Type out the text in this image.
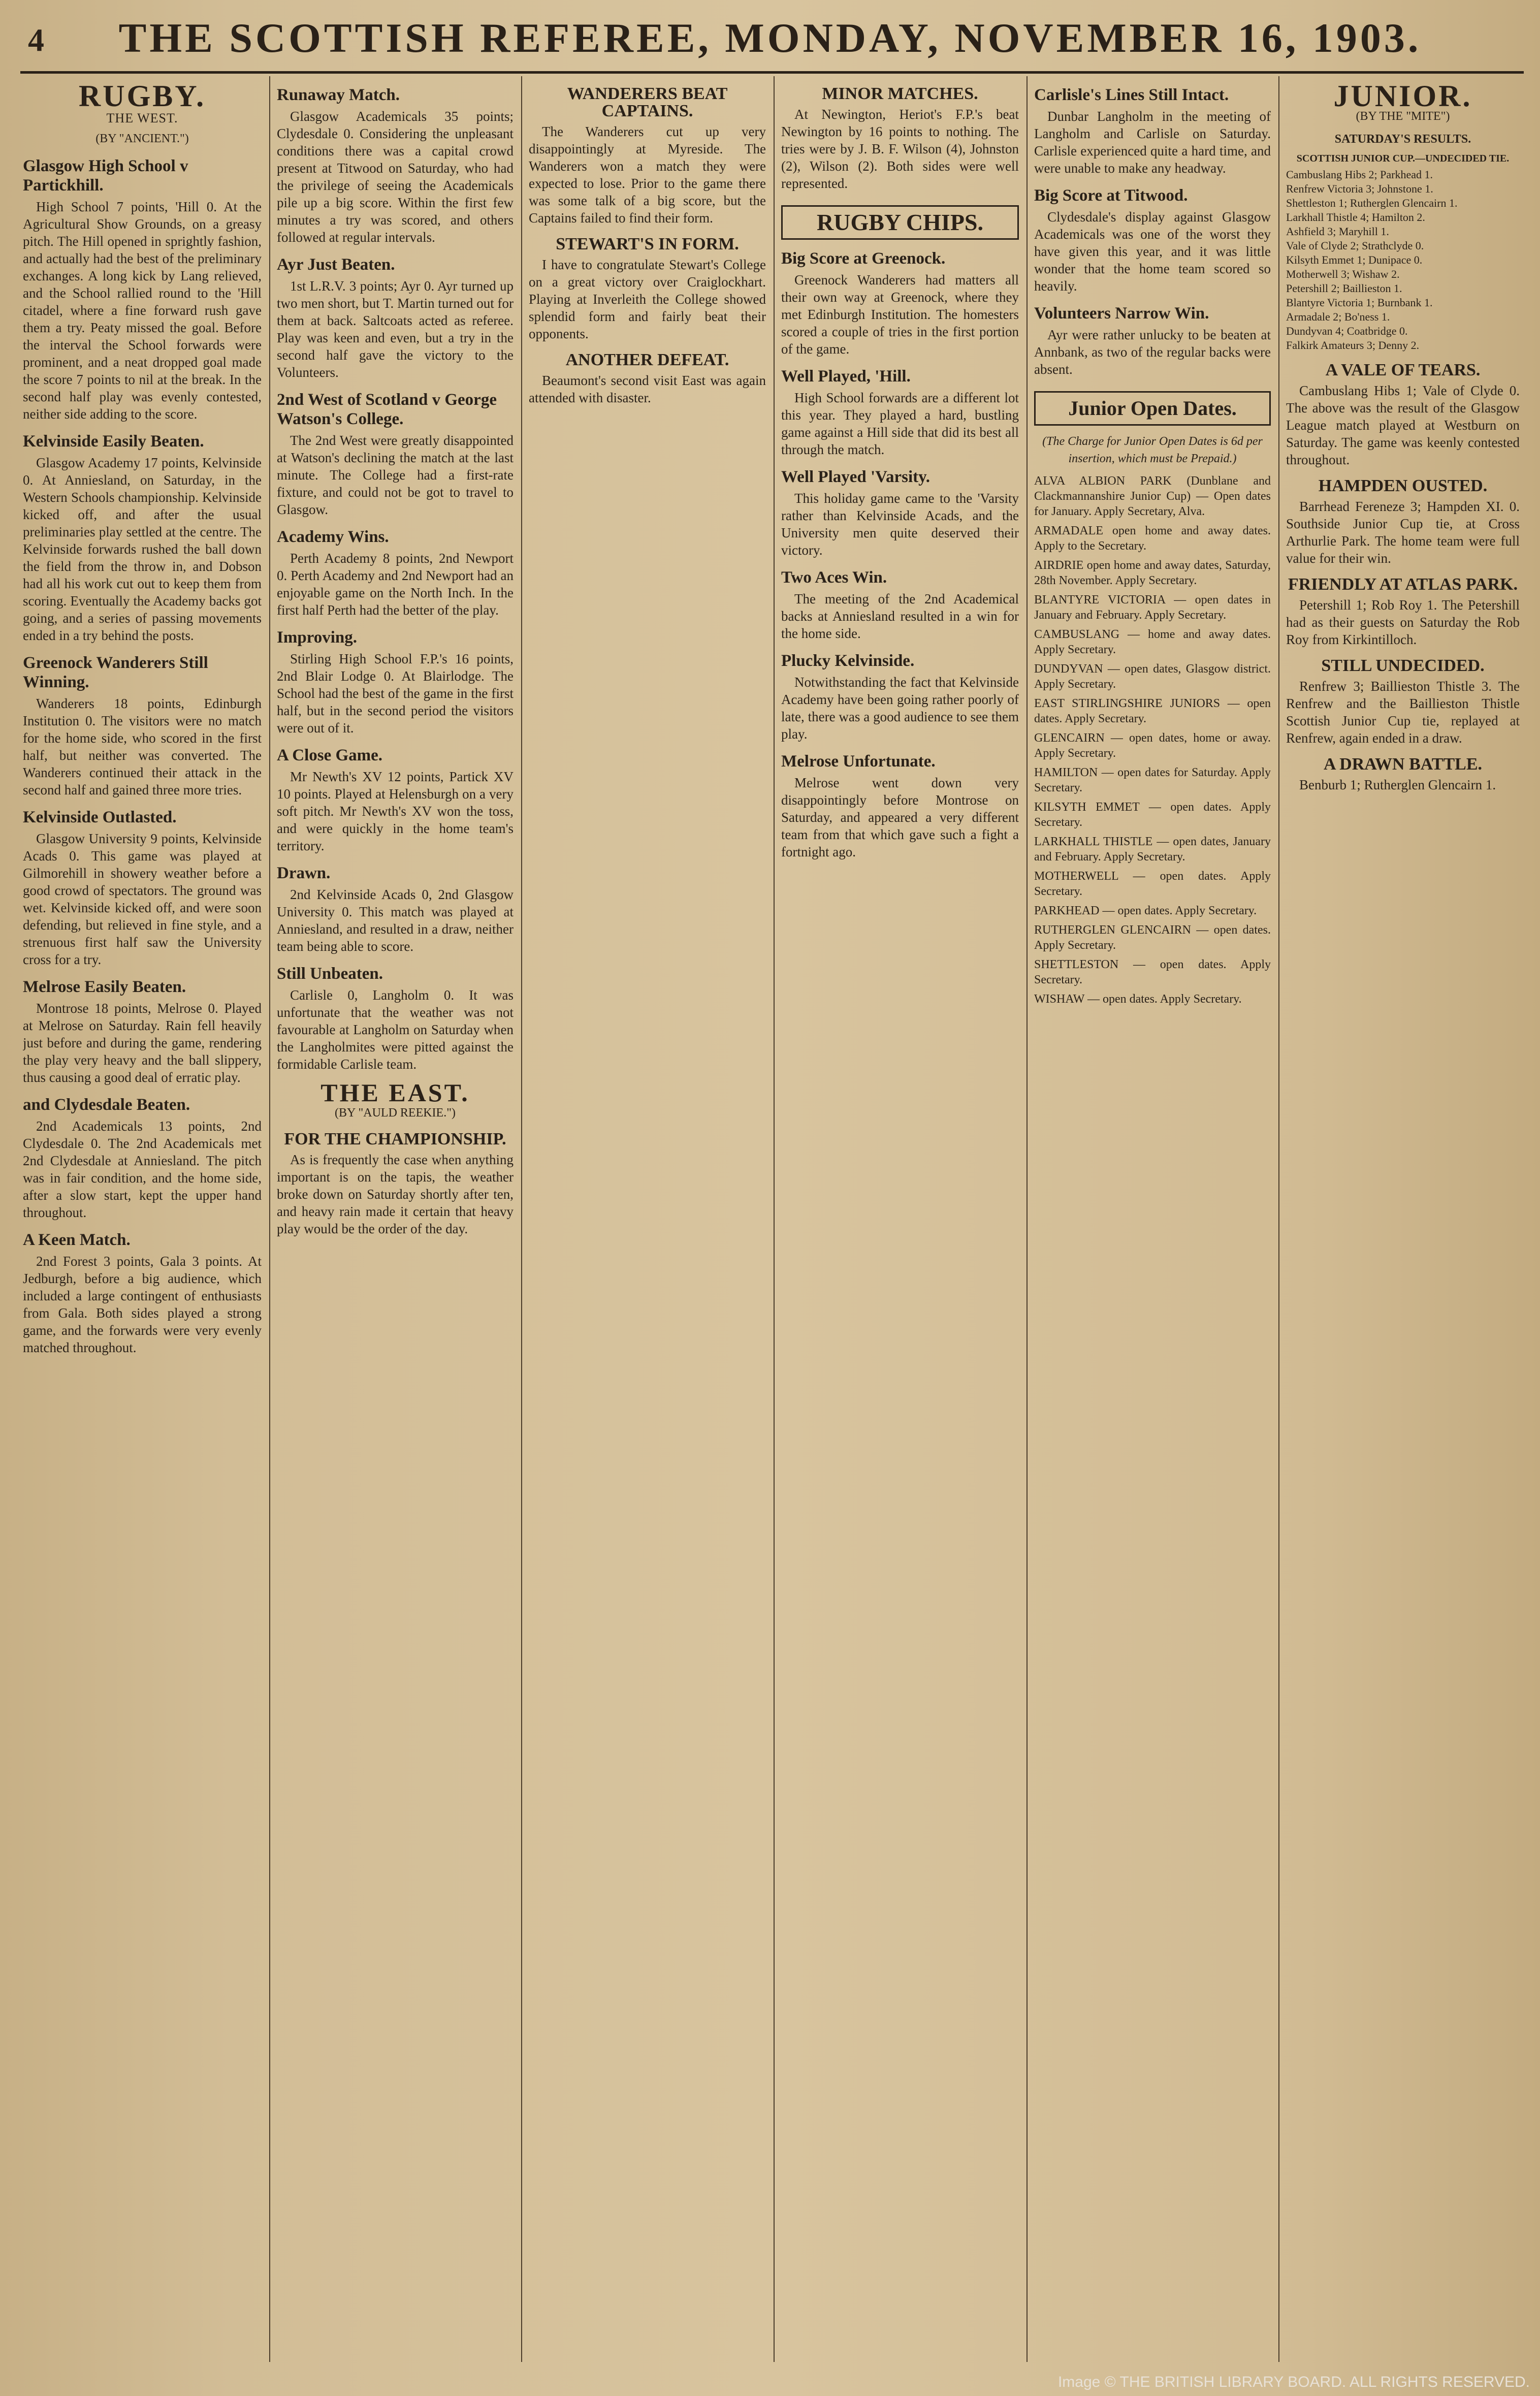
4	THE SCOTTISH REFEREE, MONDAY, NOVEMBER 16, 1903.
RUGBY.
THE WEST.
(BY "ANCIENT.")
Glasgow High School v Partickhill.

High School 7 points, 'Hill 0. At the Agricultural Show Grounds, on a greasy pitch. The Hill opened in sprightly fashion, and actually had the best of the preliminary exchanges. A long kick by Lang relieved, and the School rallied round to the 'Hill citadel, where a fine forward rush gave them a try. Peaty missed the goal. Before the interval the School forwards were prominent, and a neat dropped goal made the score 7 points to nil at the break. In the second half play was evenly contested, neither side adding to the score.

Kelvinside Easily Beaten.

Glasgow Academy 17 points, Kelvinside 0. At Anniesland, on Saturday, in the Western Schools championship. Kelvinside kicked off, and after the usual preliminaries play settled at the centre. The Kelvinside forwards rushed the ball down the field from the throw in, and Dobson had all his work cut out to keep them from scoring. Eventually the Academy backs got going, and a series of passing movements ended in a try behind the posts.

Greenock Wanderers Still Winning.

Wanderers 18 points, Edinburgh Institution 0. The visitors were no match for the home side, who scored in the first half, but neither was converted. The Wanderers continued their attack in the second half and gained three more tries.

Kelvinside Outlasted.

Glasgow University 9 points, Kelvinside Acads 0. This game was played at Gilmorehill in showery weather before a good crowd of spectators. The ground was wet. Kelvinside kicked off, and were soon defending, but relieved in fine style, and a strenuous first half saw the University cross for a try.

Melrose Easily Beaten.

Montrose 18 points, Melrose 0. Played at Melrose on Saturday. Rain fell heavily just before and during the game, rendering the play very heavy and the ball slippery, thus causing a good deal of erratic play.

and Clydesdale Beaten.

2nd Academicals 13 points, 2nd Clydesdale 0. The 2nd Academicals met 2nd Clydesdale at Anniesland. The pitch was in fair condition, and the home side, after a slow start, kept the upper hand throughout.

A Keen Match.

2nd Forest 3 points, Gala 3 points. At Jedburgh, before a big audience, which included a large contingent of enthusiasts from Gala. Both sides played a strong game, and the forwards were very evenly matched throughout.

Runaway Match.

Glasgow Academicals 35 points; Clydesdale 0. Considering the unpleasant conditions there was a capital crowd present at Titwood on Saturday, who had the privilege of seeing the Academicals pile up a big score. Within the first few minutes a try was scored, and others followed at regular intervals.

Ayr Just Beaten.

1st L.R.V. 3 points; Ayr 0. Ayr turned up two men short, but T. Martin turned out for them at back. Saltcoats acted as referee. Play was keen and even, but a try in the second half gave the victory to the Volunteers.

2nd West of Scotland v George Watson's College.

The 2nd West were greatly disappointed at Watson's declining the match at the last minute. The College had a first-rate fixture, and could not be got to travel to Glasgow.

Academy Wins.

Perth Academy 8 points, 2nd Newport 0. Perth Academy and 2nd Newport had an enjoyable game on the North Inch. In the first half Perth had the better of the play.

Improving.

Stirling High School F.P.'s 16 points, 2nd Blair Lodge 0. At Blairlodge. The School had the best of the game in the first half, but in the second period the visitors were out of it.

A Close Game.

Mr Newth's XV 12 points, Partick XV 10 points. Played at Helensburgh on a very soft pitch. Mr Newth's XV won the toss, and were quickly in the home team's territory.

Drawn.

2nd Kelvinside Acads 0, 2nd Glasgow University 0. This match was played at Anniesland, and resulted in a draw, neither team being able to score.

Still Unbeaten.

Carlisle 0, Langholm 0. It was unfortunate that the weather was not favourable at Langholm on Saturday when the Langholmites were pitted against the formidable Carlisle team.

THE EAST.
(BY "AULD REEKIE.")
FOR THE CHAMPIONSHIP.

As is frequently the case when anything important is on the tapis, the weather broke down on Saturday shortly after ten, and heavy rain made it certain that heavy play would be the order of the day.

WANDERERS BEAT CAPTAINS.

The Wanderers cut up very disappointingly at Myreside. The Wanderers won a match they were expected to lose. Prior to the game there was some talk of a big score, but the Captains failed to find their form.

STEWART'S IN FORM.

I have to congratulate Stewart's College on a great victory over Craiglockhart. Playing at Inverleith the College showed splendid form and fairly beat their opponents.

ANOTHER DEFEAT.

Beaumont's second visit East was again attended with disaster.

MINOR MATCHES.

At Newington, Heriot's F.P.'s beat Newington by 16 points to nothing. The tries were by J. B. F. Wilson (4), Johnston (2), Wilson (2). Both sides were well represented.

RUGBY CHIPS.
Big Score at Greenock.

Greenock Wanderers had matters all their own way at Greenock, where they met Edinburgh Institution. The homesters scored a couple of tries in the first portion of the game.

Well Played, 'Hill.

High School forwards are a different lot this year. They played a hard, bustling game against a Hill side that did its best all through the match.

Well Played 'Varsity.

This holiday game came to the 'Varsity rather than Kelvinside Acads, and the University men quite deserved their victory.

Two Aces Win.

The meeting of the 2nd Academical backs at Anniesland resulted in a win for the home side.

Plucky Kelvinside.

Notwithstanding the fact that Kelvinside Academy have been going rather poorly of late, there was a good audience to see them play.

Melrose Unfortunate.

Melrose went down very disappointingly before Montrose on Saturday, and appeared a very different team from that which gave such a fight a fortnight ago.

Carlisle's Lines Still Intact.

Dunbar Langholm in the meeting of Langholm and Carlisle on Saturday. Carlisle experienced quite a hard time, and were unable to make any headway.

Big Score at Titwood.

Clydesdale's display against Glasgow Academicals was one of the worst they have given this year, and it was little wonder that the home team scored so heavily.

Volunteers Narrow Win.

Ayr were rather unlucky to be beaten at Annbank, as two of the regular backs were absent.

Junior Open Dates.
(The Charge for Junior Open Dates is 6d per insertion, which must be Prepaid.)
ALVA ALBION PARK (Dunblane and Clackmannanshire Junior Cup) — Open dates for January. Apply Secretary, Alva.
ARMADALE open home and away dates. Apply to the Secretary.
AIRDRIE open home and away dates, Saturday, 28th November. Apply Secretary.
BLANTYRE VICTORIA — open dates in January and February. Apply Secretary.
CAMBUSLANG — home and away dates. Apply Secretary.
DUNDYVAN — open dates, Glasgow district. Apply Secretary.
EAST STIRLINGSHIRE JUNIORS — open dates. Apply Secretary.
GLENCAIRN — open dates, home or away. Apply Secretary.
HAMILTON — open dates for Saturday. Apply Secretary.
KILSYTH EMMET — open dates. Apply Secretary.
LARKHALL THISTLE — open dates, January and February. Apply Secretary.
MOTHERWELL — open dates. Apply Secretary.
PARKHEAD — open dates. Apply Secretary.
RUTHERGLEN GLENCAIRN — open dates. Apply Secretary.
SHETTLESTON — open dates. Apply Secretary.
WISHAW — open dates. Apply Secretary.
JUNIOR.
(BY THE "MITE")
SATURDAY'S RESULTS.
SCOTTISH JUNIOR CUP.—UNDECIDED TIE.
Cambuslang Hibs 2; Parkhead 1.
Renfrew Victoria 3; Johnstone 1.
Shettleston 1; Rutherglen Glencairn 1.
Larkhall Thistle 4; Hamilton 2.
Ashfield 3; Maryhill 1.
Vale of Clyde 2; Strathclyde 0.
Kilsyth Emmet 1; Dunipace 0.
Motherwell 3; Wishaw 2.
Petershill 2; Baillieston 1.
Blantyre Victoria 1; Burnbank 1.
Armadale 2; Bo'ness 1.
Dundyvan 4; Coatbridge 0.
Falkirk Amateurs 3; Denny 2.
A VALE OF TEARS.

Cambuslang Hibs 1; Vale of Clyde 0. The above was the result of the Glasgow League match played at Westburn on Saturday. The game was keenly contested throughout.

HAMPDEN OUSTED.

Barrhead Fereneze 3; Hampden XI. 0. Southside Junior Cup tie, at Cross Arthurlie Park. The home team were full value for their win.

FRIENDLY AT ATLAS PARK.

Petershill 1; Rob Roy 1. The Petershill had as their guests on Saturday the Rob Roy from Kirkintilloch.

STILL UNDECIDED.

Renfrew 3; Baillieston Thistle 3. The Renfrew and the Baillieston Thistle Scottish Junior Cup tie, replayed at Renfrew, again ended in a draw.

A DRAWN BATTLE.

Benburb 1; Rutherglen Glencairn 1.

Image © THE BRITISH LIBRARY BOARD. ALL RIGHTS RESERVED.
